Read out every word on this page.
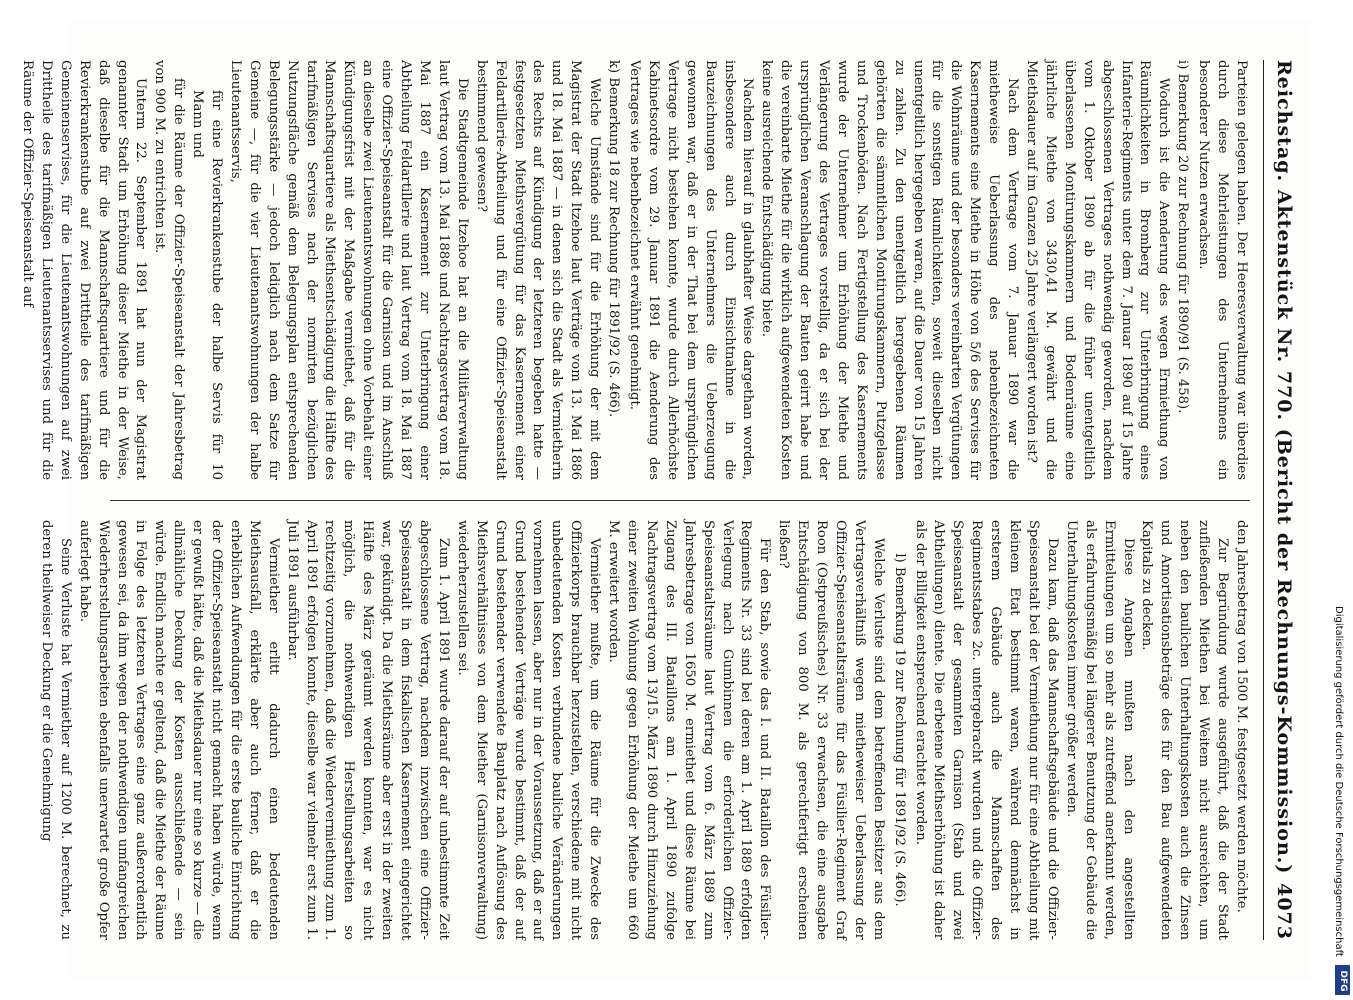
Reichstag. Aktenstück Nr. 770. (Bericht der Rechnungs-Kommission.)
4073

Parteien gelegen haben. Der Heeresverwaltung war überdies durch diese Mehrleistungen des Unternehmens ein besonderer Nutzen erwachsen.

i) Bemerkung 20 zur Rechnung für 1890/91 (S. 458).

Wodurch ist die Aenderung des wegen Ermiethung von Räumlichkeiten in Bromberg zur Unterbringung eines Infanterie-Regiments unter dem 7. Januar 1890 auf 15 Jahre abgeschlossenen Vertrages nothwendig geworden, nachdem vom 1. Oktober 1890 ab für die früher unentgeltlich überlassenen Montirungskammern und Bodenräume eine jährliche Miethe von 3430,41 M. gewährt und die Miethsdauer auf im Ganzen 25 Jahre verlängert worden ist?

Nach dem Vertrage vom 7. Januar 1890 war die mietheweise Ueberlassung des nebenbezeichneten Kasernements eine Miethe in Höhe von 5/6 des Servises für die Wohnräume und der besonders vereinbarten Vergütungen für die sonstigen Räumlichkeiten, soweit dieselben nicht unentgeltlich hergegeben waren, auf die Dauer von 15 Jahren zu zahlen. Zu den unentgeltlich hergegebenen Räumen gehörten die sämmtlichen Montirungskammern, Putzgelasse und Trockenböden. Nach Fertigstellung des Kasernements wurde der Unternehmer um Erhöhung der Miethe und Verlängerung des Vertrages vorstellig, da er sich bei der ursprünglichen Veranschlagung der Bauten geirrt habe und die vereinbarte Miethe für die wirklich aufgewendeten Kosten keine ausreichende Entschädigung biete.

Nachdem hierauf in glaubhafter Weise dargethan worden, insbesondere auch durch Einsichtnahme in die Bauzeichnungen des Unternehmers die Ueberzeugung gewonnen war, daß er in der That bei dem ursprünglichen Vertrage nicht bestehen konnte, wurde durch Allerhöchste Kabinetsordre vom 29. Januar 1891 die Aenderung des Vertrages wie nebenbezeichnet erwähnt genehmigt.

k) Bemerkung 18 zur Rechnung für 1891/92 (S. 466).

Welche Umstände sind für die Erhöhung der mit dem Magistrat der Stadt Itzehoe laut Verträge vom 13. Mai 1886 und 18. Mai 1887 — in denen sich die Stadt als Vermietherin des Rechts auf Kündigung der letzteren begeben hatte — festgesetzten Miethsvergütung für das Kasernement einer Feldartillerie-Abtheilung und für eine Offizier-Speiseanstalt bestimmend gewesen?

Die Stadtgemeinde Itzehoe hat an die Militärverwaltung laut Vertrag vom 13. Mai 1886 und Nachtragsvertrag vom 18. Mai 1887 ein Kasernement zur Unterbringung einer Abtheilung Feldartillerie und laut Vertrag vom 18. Mai 1887 eine Offizier-Speiseanstalt für die Garnison und im Anschluß an dieselbe zwei Lieutenantswohnungen ohne Vorbehalt einer Kündigungsfrist mit der Maßgabe vermiethet, daß für die Mannschaftsquartiere als Miethsentschädigung die Hälfte des tarifmäßigen Servises nach der normirten bezüglichen Nutzungsfläche gemäß dem Belegungsplan entsprechenden Belegungsstärke — jedoch lediglich nach dem Satze für Gemeine —, für die vier Lieutenantswohnungen der halbe Lieutenantsservis,

für eine Revierkrankenstube der halbe Servis für 10 Mann und

für die Räume der Offizier-Speiseanstalt der Jahresbetrag von 900 M. zu entrichten ist.

Unterm 22. September 1891 hat nun der Magistrat genannter Stadt um Erhöhung dieser Miethe in der Weise, daß dieselbe für die Mannschaftsquartiere und für die Revierkrankenstube auf zwei Drittheile des tarifmäßigen Gemeinenservises, für die Lieutenantswohnungen auf zwei Drittheile des tarifmäßigen Lieutenantsservises und für die Räume der Offizier-Speiseanstalt auf

den Jahresbetrag von 1500 M. festgesetzt werden möchte.

Zur Begründung wurde ausgeführt, daß die der Stadt zufließenden Miethen bei Weitem nicht ausreichten, um neben den baulichen Unterhaltungskosten auch die Zinsen und Amortisationsbeträge des für den Bau aufgewendeten Kapitals zu decken.

Diese Angaben mußten nach den angestellten Ermittelungen um so mehr als zutreffend anerkannt werden, als erfahrungsmäßig bei längerer Benutzung der Gebäude die Unterhaltungskosten immer größer werden.

Dazu kam, daß das Mannschaftsgebäude und die Offizier-Speiseanstalt bei der Vermiethung nur für eine Abtheilung mit kleinem Etat bestimmt waren, während demnächst in ersterem Gebäude auch die Mannschaften des Regimentsstabes 2c. untergebracht wurden und die Offizier-Speiseanstalt der gesammten Garnison (Stab und zwei Abtheilungen) diente. Die erbetene Miethserhöhung ist daher als der Billigkeit entsprechend erachtet worden.

l) Bemerkung 19 zur Rechnung für 1891/92 (S. 466).

Welche Verluste sind dem betreffenden Besitzer aus dem Vertragsverhältniß wegen mietheweiser Ueberlassung der Offizier-Speiseanstaltsräume für das Füsilier-Regiment Graf Roon (Ostpreußisches) Nr. 33 erwachsen, die eine ausgabe Entschädigung von 800 M. als gerechtfertigt erscheinen ließen?

Für den Stab, sowie das I. und II. Bataillon des Füsilier-Regiments Nr. 33 sind bei deren am 1. April 1889 erfolgten Verlegung nach Gumbinnen die erforderlichen Offizier-Speiseanstaltsräume laut Vertrag vom 6. März 1889 zum Jahresbetrage von 1650 M. ermiethet und diese Räume bei Zugang des III. Bataillons am 1. April 1890 zufolge Nachtragsvertrag vom 13/15. März 1890 durch Hinzuziehung einer zweiten Wohnung gegen Erhöhung der Miethe um 660 M. erweitert worden.

Vermiether mußte, um die Räume für die Zwecke des Offizierkorps brauchbar herzustellen, verschiedene mit nicht unbedeutenden Kosten verbundene bauliche Veränderungen vornehmen lassen, aber nur in der Voraussetzung, daß er auf Grund bestehender Verträge wurde bestimmt, daß der auf Grund bestehender verwendete Bauplatz nach Auflösung des Miethsverhältnisses von dem Miether (Garnisonverwaltung) wiederherzustellen sei.

Zum 1. April 1891 wurde darauf der auf unbestimmte Zeit abgeschlossene Vertrag, nachdem inzwischen eine Offizier-Speiseanstalt in dem fiskalischen Kasernement eingerichtet war, gekündigt. Da die Miethsräume aber erst in der zweiten Hälfte des März geräumt werden konnten, war es nicht möglich, die nothwendigen Herstellungsarbeiten so rechtzeitig vorzunehmen, daß die Wiedervermiethung zum 1. April 1891 erfolgen konnte, dieselbe war vielmehr erst zum 1. Juli 1891 ausführbar.

Vermiether erlitt dadurch einen bedeutenden Miethsausfall, erklärte aber auch ferner, daß er die erheblichen Aufwendungen für die erste bauliche Einrichtung der Offizier-Speiseanstalt nicht gemacht haben würde, wenn er gewußt hätte, daß die Miethsdauer nur eine so kurze — die allmähliche Deckung der Kosten ausschließende — sein würde. Endlich machte er geltend, daß die Miethe der Räume in Folge des letzteren Vertrages eine ganz außerordentlich gewesen sei, da ihm wegen der nothwendigen umfangreichen Wiederherstellungsarbeiten ebenfalls unerwartet große Opfer auferlegt habe.

Seine Verluste hat Vermiether auf 1200 M. berechnet, zu deren theilweiser Deckung er die Genehmigung	Digitalisierung gefördert durch die Deutsche Forschungsgemeinschaft
DFG
